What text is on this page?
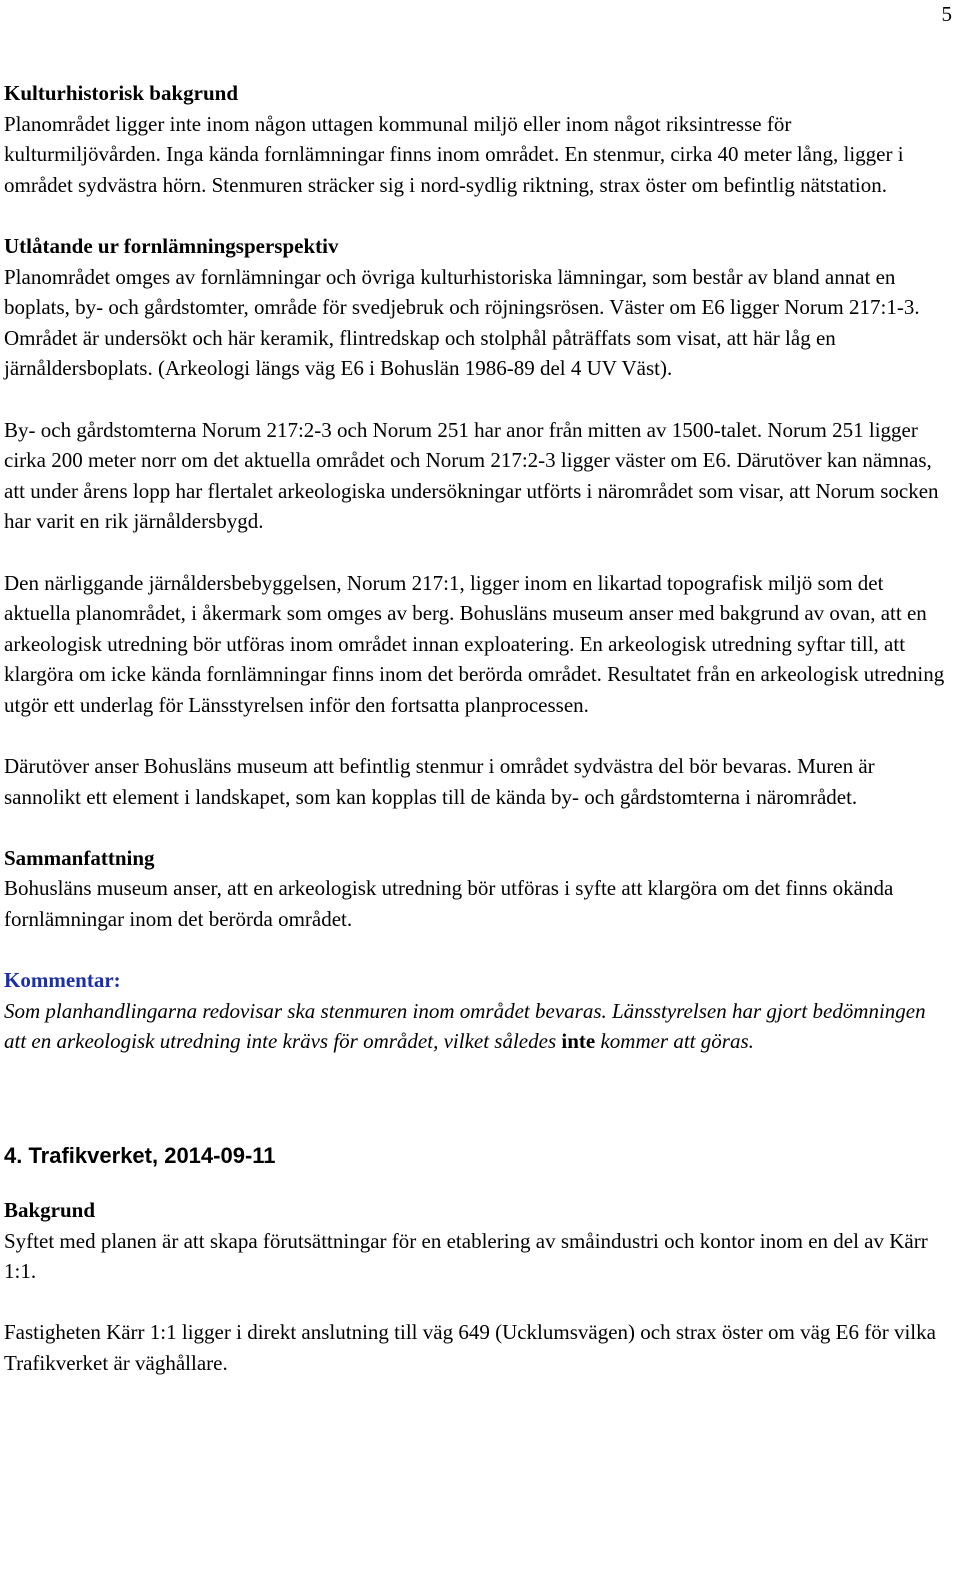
5

Kulturhistorisk bakgrund

Planområdet ligger inte inom någon uttagen kommunal miljö eller inom något riksintresse för kulturmiljövården. Inga kända fornlämningar finns inom området. En stenmur, cirka 40 meter lång, ligger i området sydvästra hörn. Stenmuren sträcker sig i nord-sydlig riktning, strax öster om befintlig nätstation.

Utlåtande ur fornlämningsperspektiv

Planområdet omges av fornlämningar och övriga kulturhistoriska lämningar, som består av bland annat en boplats, by- och gårdstomter, område för svedjebruk och röjningsrösen. Väster om E6 ligger Norum 217:1-3. Området är undersökt och här keramik, flintredskap och stolphål påträffats som visat, att här låg en järnåldersboplats. (Arkeologi längs väg E6 i Bohuslän 1986-89 del 4 UV Väst).

By- och gårdstomterna Norum 217:2-3 och Norum 251 har anor från mitten av 1500-talet. Norum 251 ligger cirka 200 meter norr om det aktuella området och Norum 217:2-3 ligger väster om E6. Därutöver kan nämnas, att under årens lopp har flertalet arkeologiska undersökningar utförts i närområdet som visar, att Norum socken har varit en rik järnåldersbygd.

Den närliggande järnåldersbebyggelsen, Norum 217:1, ligger inom en likartad topografisk miljö som det aktuella planområdet, i åkermark som omges av berg. Bohusläns museum anser med bakgrund av ovan, att en arkeologisk utredning bör utföras inom området innan exploatering. En arkeologisk utredning syftar till, att klargöra om icke kända fornlämningar finns inom det berörda området. Resultatet från en arkeologisk utredning utgör ett underlag för Länsstyrelsen inför den fortsatta planprocessen.

Därutöver anser Bohusläns museum att befintlig stenmur i området sydvästra del bör bevaras. Muren är sannolikt ett element i landskapet, som kan kopplas till de kända by- och gårdstomterna i närområdet.

Sammanfattning

Bohusläns museum anser, att en arkeologisk utredning bör utföras i syfte att klargöra om det finns okända fornlämningar inom det berörda området.

Kommentar:

Som planhandlingarna redovisar ska stenmuren inom området bevaras. Länsstyrelsen har gjort bedömningen att en arkeologisk utredning inte krävs för området, vilket således inte kommer att göras.

4. Trafikverket, 2014-09-11

Bakgrund

Syftet med planen är att skapa förutsättningar för en etablering av småindustri och kontor inom en del av Kärr 1:1.

Fastigheten Kärr 1:1 ligger i direkt anslutning till väg 649 (Ucklumsvägen) och strax öster om väg E6 för vilka Trafikverket är väghållare.
